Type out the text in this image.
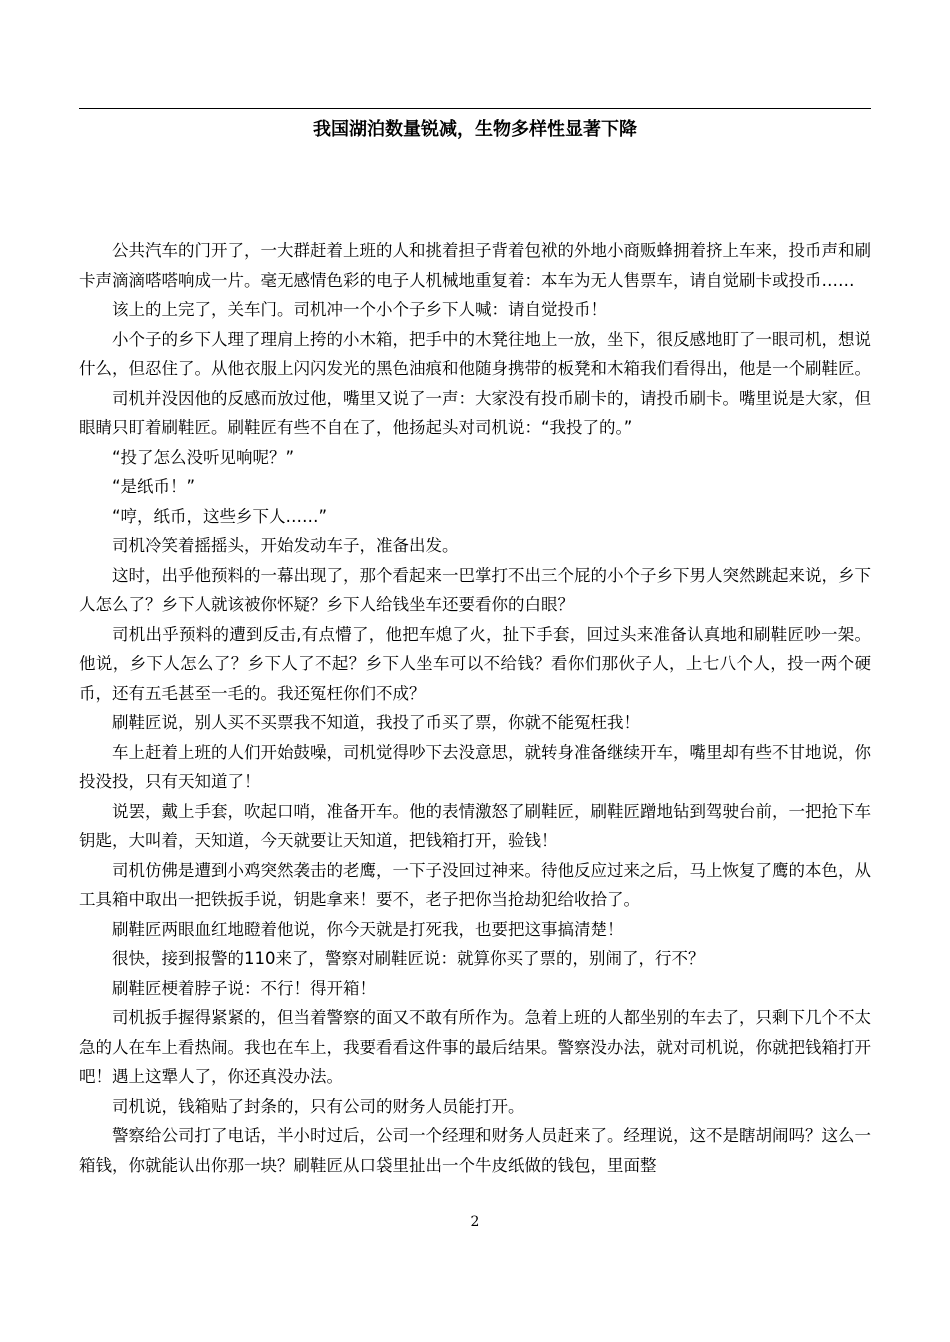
我国湖泊数量锐减，生物多样性显著下降

公共汽车的门开了，一大群赶着上班的人和挑着担子背着包袱的外地小商贩蜂拥着挤上车来，投币声和刷卡声滴滴嗒嗒响成一片。毫无感情色彩的电子人机械地重复着：本车为无人售票车，请自觉刷卡或投币……

该上的上完了，关车门。司机冲一个小个子乡下人喊：请自觉投币！

小个子的乡下人理了理肩上挎的小木箱，把手中的木凳往地上一放，坐下，很反感地盯了一眼司机，想说什么，但忍住了。从他衣服上闪闪发光的黑色油痕和他随身携带的板凳和木箱我们看得出，他是一个刷鞋匠。

司机并没因他的反感而放过他，嘴里又说了一声：大家没有投币刷卡的，请投币刷卡。嘴里说是大家，但眼睛只盯着刷鞋匠。刷鞋匠有些不自在了，他扬起头对司机说：“我投了的。”

“投了怎么没听见响呢？”

“是纸币！”

“哼，纸币，这些乡下人……”

司机冷笑着摇摇头，开始发动车子，准备出发。

这时，出乎他预料的一幕出现了，那个看起来一巴掌打不出三个屁的小个子乡下男人突然跳起来说，乡下人怎么了？乡下人就该被你怀疑？乡下人给钱坐车还要看你的白眼？

司机出乎预料的遭到反击,有点懵了，他把车熄了火，扯下手套，回过头来准备认真地和刷鞋匠吵一架。他说，乡下人怎么了？乡下人了不起？乡下人坐车可以不给钱？看你们那伙子人，上七八个人，投一两个硬币，还有五毛甚至一毛的。我还冤枉你们不成？

刷鞋匠说，别人买不买票我不知道，我投了币买了票，你就不能冤枉我！

车上赶着上班的人们开始鼓噪，司机觉得吵下去没意思，就转身准备继续开车，嘴里却有些不甘地说，你投没投，只有天知道了！

说罢，戴上手套，吹起口哨，准备开车。他的表情激怒了刷鞋匠，刷鞋匠蹭地钻到驾驶台前，一把抢下车钥匙，大叫着，天知道，今天就要让天知道，把钱箱打开，验钱！

司机仿佛是遭到小鸡突然袭击的老鹰，一下子没回过神来。待他反应过来之后，马上恢复了鹰的本色，从工具箱中取出一把铁扳手说，钥匙拿来！要不，老子把你当抢劫犯给收拾了。

刷鞋匠两眼血红地瞪着他说，你今天就是打死我，也要把这事搞清楚！

很快，接到报警的110来了，警察对刷鞋匠说：就算你买了票的，别闹了，行不？

刷鞋匠梗着脖子说：不行！得开箱！

司机扳手握得紧紧的，但当着警察的面又不敢有所作为。急着上班的人都坐别的车去了，只剩下几个不太急的人在车上看热闹。我也在车上，我要看看这件事的最后结果。警察没办法，就对司机说，你就把钱箱打开吧！遇上这犟人了，你还真没办法。

司机说，钱箱贴了封条的，只有公司的财务人员能打开。

警察给公司打了电话，半小时过后，公司一个经理和财务人员赶来了。经理说，这不是瞎胡闹吗？这么一箱钱，你就能认出你那一块？刷鞋匠从口袋里扯出一个牛皮纸做的钱包，里面整

2
